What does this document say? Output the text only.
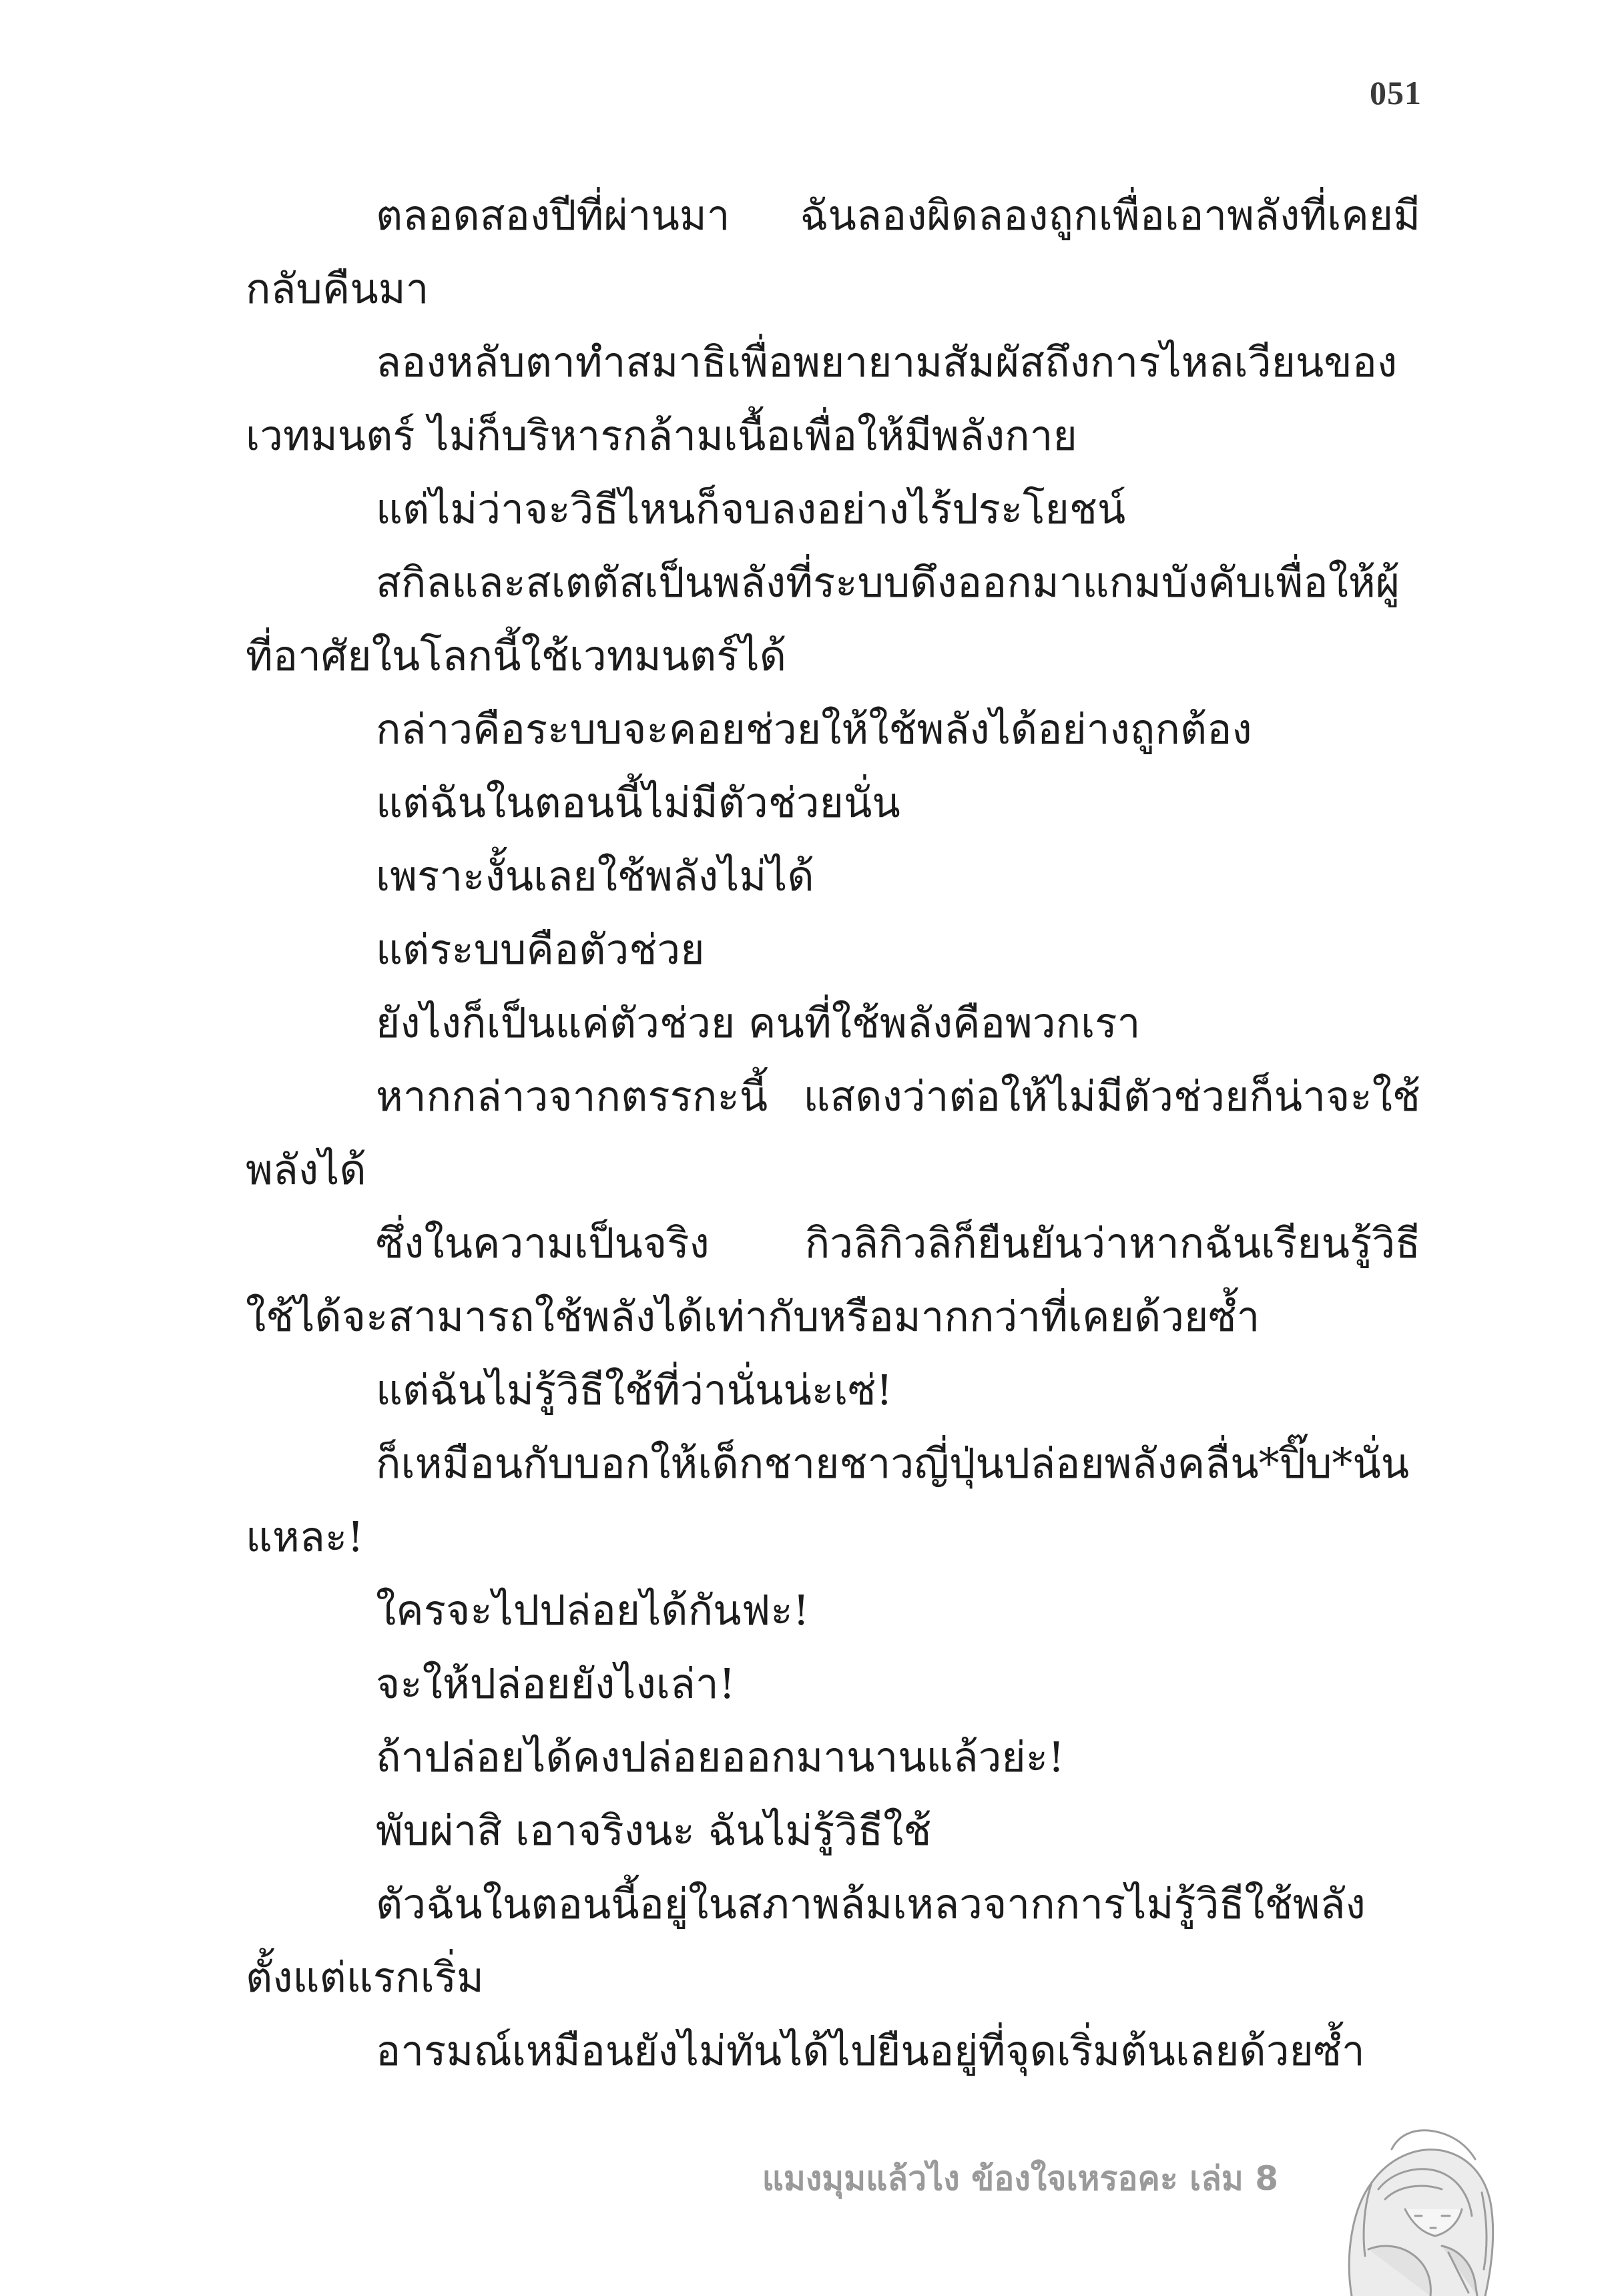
051

ตลอดสองปีที่ผ่านมา ฉันลองผิดลองถูกเพื่อเอาพลังที่เคยมีกลับคืนมา

ลองหลับตาทำสมาธิเพื่อพยายามสัมผัสถึงการไหลเวียนของเวทมนตร์ ไม่ก็บริหารกล้ามเนื้อเพื่อให้มีพลังกาย

แต่ไม่ว่าจะวิธีไหนก็จบลงอย่างไร้ประโยชน์

สกิลและสเตตัสเป็นพลังที่ระบบดึงออกมาแกมบังคับเพื่อให้ผู้ที่อาศัยในโลกนี้ใช้เวทมนตร์ได้

กล่าวคือระบบจะคอยช่วยให้ใช้พลังได้อย่างถูกต้อง

แต่ฉันในตอนนี้ไม่มีตัวช่วยนั่น

เพราะงั้นเลยใช้พลังไม่ได้

แต่ระบบคือตัวช่วย

ยังไงก็เป็นแค่ตัวช่วย คนที่ใช้พลังคือพวกเรา

หากกล่าวจากตรรกะนี้ แสดงว่าต่อให้ไม่มีตัวช่วยก็น่าจะใช้พลังได้

ซึ่งในความเป็นจริง กิวลิกิวลิก็ยืนยันว่าหากฉันเรียนรู้วิธีใช้ได้จะสามารถใช้พลังได้เท่ากับหรือมากกว่าที่เคยด้วยซ้ำ

แต่ฉันไม่รู้วิธีใช้ที่ว่านั่นน่ะเซ่!

ก็เหมือนกับบอกให้เด็กชายชาวญี่ปุ่นปล่อยพลังคลื่น*ปิ๊บ*นั่นแหละ!

ใครจะไปปล่อยได้กันฟะ!

จะให้ปล่อยยังไงเล่า!

ถ้าปล่อยได้คงปล่อยออกมานานแล้วย่ะ!

พับผ่าสิ เอาจริงนะ ฉันไม่รู้วิธีใช้

ตัวฉันในตอนนี้อยู่ในสภาพล้มเหลวจากการไม่รู้วิธีใช้พลังตั้งแต่แรกเริ่ม

อารมณ์เหมือนยังไม่ทันได้ไปยืนอยู่ที่จุดเริ่มต้นเลยด้วยซ้ำ

แมงมุมแล้วไง ข้องใจเหรอคะ เล่ม 8
